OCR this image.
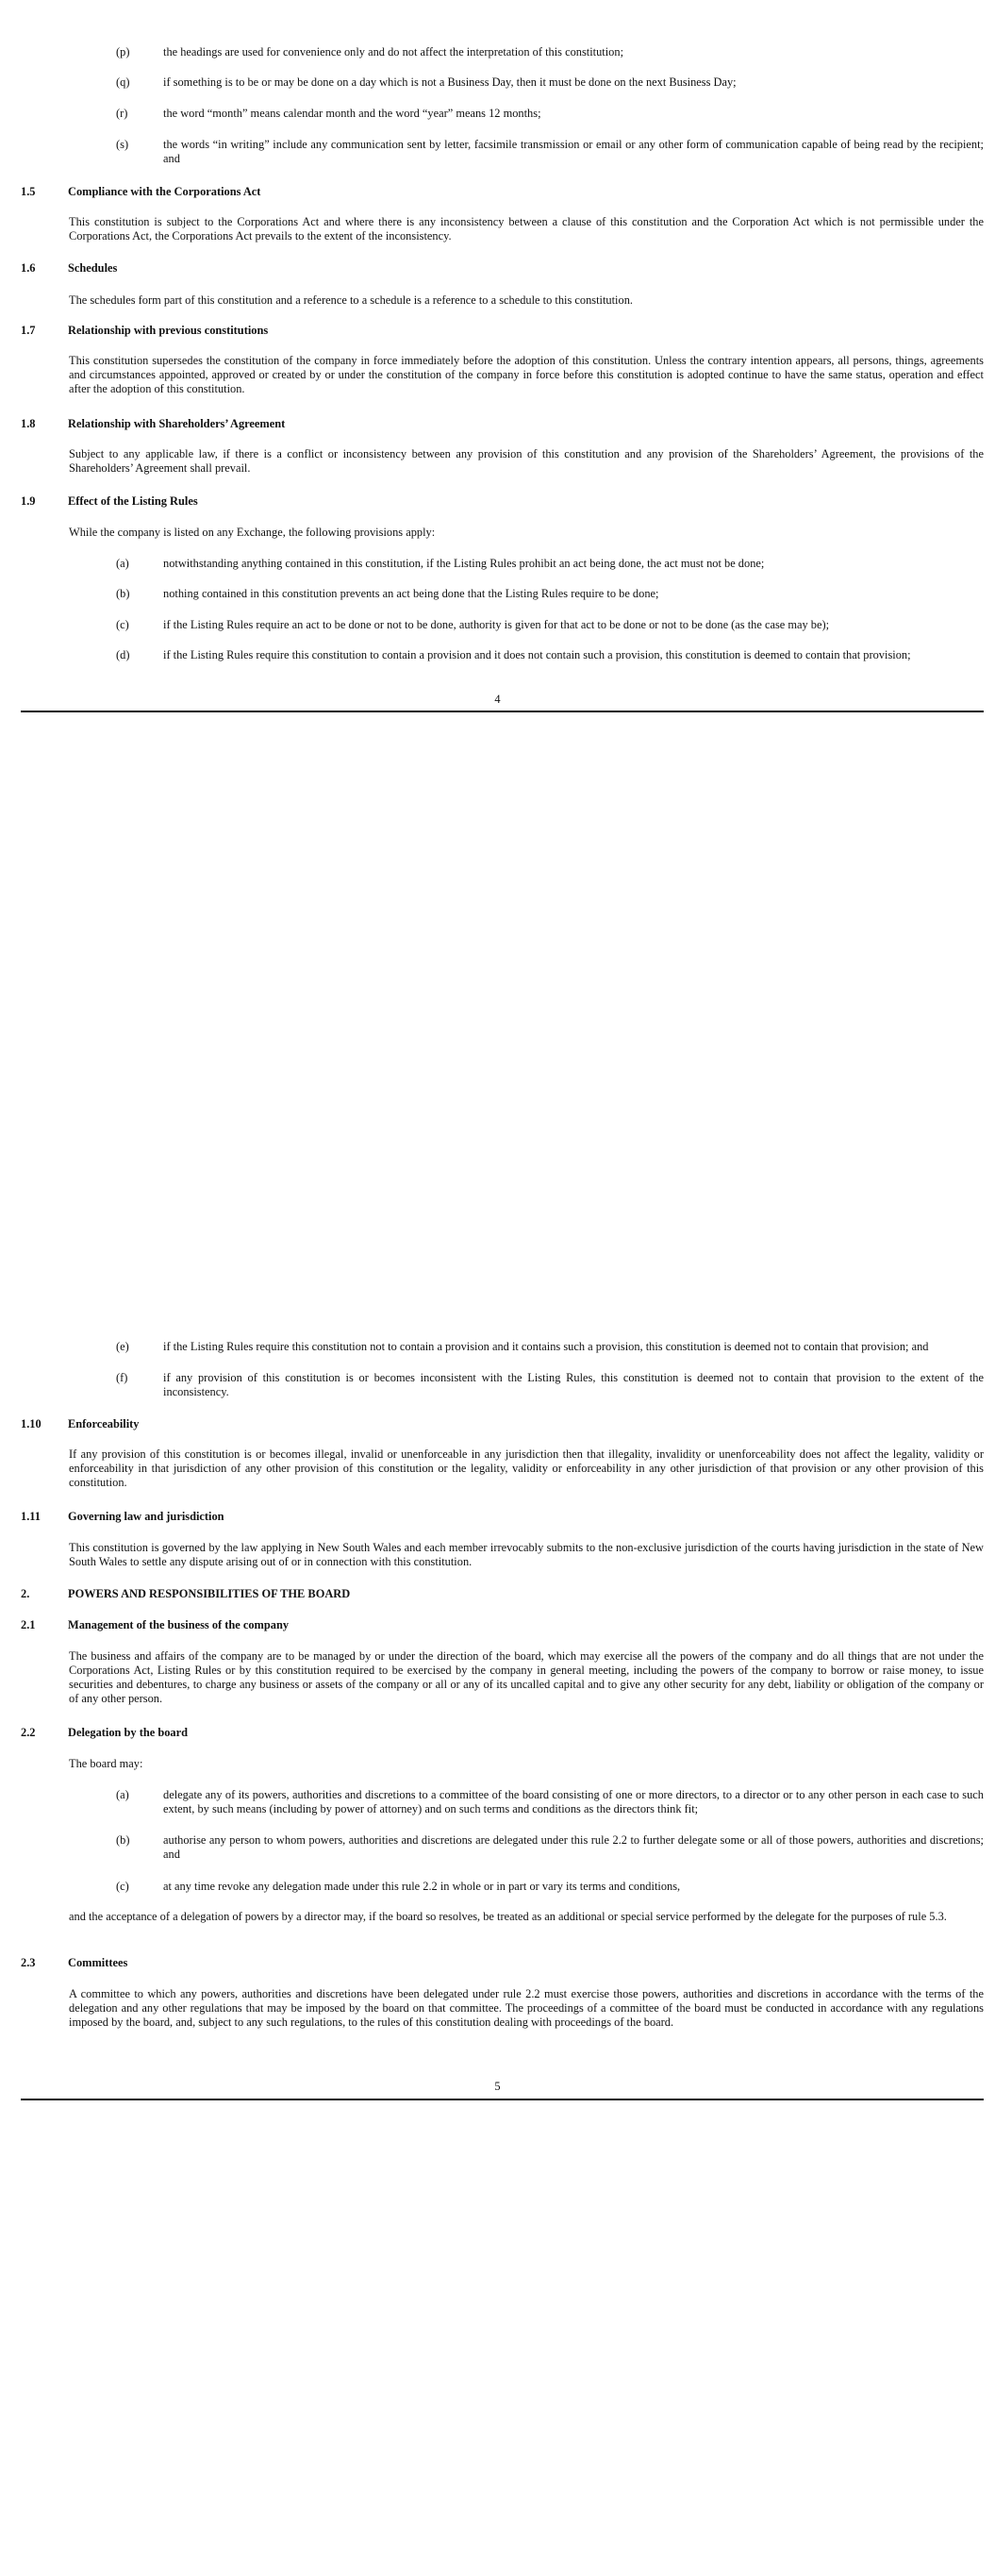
(p)	the headings are used for convenience only and do not affect the interpretation of this constitution;
(q)	if something is to be or may be done on a day which is not a Business Day, then it must be done on the next Business Day;
(r)	the word “month” means calendar month and the word “year” means 12 months;
(s)	the words “in writing” include any communication sent by letter, facsimile transmission or email or any other form of communication capable of being read by the recipient; and
1.5	Compliance with the Corporations Act
This constitution is subject to the Corporations Act and where there is any inconsistency between a clause of this constitution and the Corporation Act which is not permissible under the Corporations Act, the Corporations Act prevails to the extent of the inconsistency.
1.6	Schedules
The schedules form part of this constitution and a reference to a schedule is a reference to a schedule to this constitution.
1.7	Relationship with previous constitutions
This constitution supersedes the constitution of the company in force immediately before the adoption of this constitution. Unless the contrary intention appears, all persons, things, agreements and circumstances appointed, approved or created by or under the constitution of the company in force before this constitution is adopted continue to have the same status, operation and effect after the adoption of this constitution.
1.8	Relationship with Shareholders’ Agreement
Subject to any applicable law, if there is a conflict or inconsistency between any provision of this constitution and any provision of the Shareholders’ Agreement, the provisions of the Shareholders’ Agreement shall prevail.
1.9	Effect of the Listing Rules
While the company is listed on any Exchange, the following provisions apply:
(a)	notwithstanding anything contained in this constitution, if the Listing Rules prohibit an act being done, the act must not be done;
(b)	nothing contained in this constitution prevents an act being done that the Listing Rules require to be done;
(c)	if the Listing Rules require an act to be done or not to be done, authority is given for that act to be done or not to be done (as the case may be);
(d)	if the Listing Rules require this constitution to contain a provision and it does not contain such a provision, this constitution is deemed to contain that provision;
4
(e)	if the Listing Rules require this constitution not to contain a provision and it contains such a provision, this constitution is deemed not to contain that provision; and
(f)	if any provision of this constitution is or becomes inconsistent with the Listing Rules, this constitution is deemed not to contain that provision to the extent of the inconsistency.
1.10	Enforceability
If any provision of this constitution is or becomes illegal, invalid or unenforceable in any jurisdiction then that illegality, invalidity or unenforceability does not affect the legality, validity or enforceability in that jurisdiction of any other provision of this constitution or the legality, validity or enforceability in any other jurisdiction of that provision or any other provision of this constitution.
1.11	Governing law and jurisdiction
This constitution is governed by the law applying in New South Wales and each member irrevocably submits to the non-exclusive jurisdiction of the courts having jurisdiction in the state of New South Wales to settle any dispute arising out of or in connection with this constitution.
2.	POWERS AND RESPONSIBILITIES OF THE BOARD
2.1	Management of the business of the company
The business and affairs of the company are to be managed by or under the direction of the board, which may exercise all the powers of the company and do all things that are not under the Corporations Act, Listing Rules or by this constitution required to be exercised by the company in general meeting, including the powers of the company to borrow or raise money, to issue securities and debentures, to charge any business or assets of the company or all or any of its uncalled capital and to give any other security for any debt, liability or obligation of the company or of any other person.
2.2	Delegation by the board
The board may:
(a)	delegate any of its powers, authorities and discretions to a committee of the board consisting of one or more directors, to a director or to any other person in each case to such extent, by such means (including by power of attorney) and on such terms and conditions as the directors think fit;
(b)	authorise any person to whom powers, authorities and discretions are delegated under this rule 2.2 to further delegate some or all of those powers, authorities and discretions; and
(c)	at any time revoke any delegation made under this rule 2.2 in whole or in part or vary its terms and conditions,
and the acceptance of a delegation of powers by a director may, if the board so resolves, be treated as an additional or special service performed by the delegate for the purposes of rule 5.3.
2.3	Committees
A committee to which any powers, authorities and discretions have been delegated under rule 2.2 must exercise those powers, authorities and discretions in accordance with the terms of the delegation and any other regulations that may be imposed by the board on that committee. The proceedings of a committee of the board must be conducted in accordance with any regulations imposed by the board, and, subject to any such regulations, to the rules of this constitution dealing with proceedings of the board.
5
